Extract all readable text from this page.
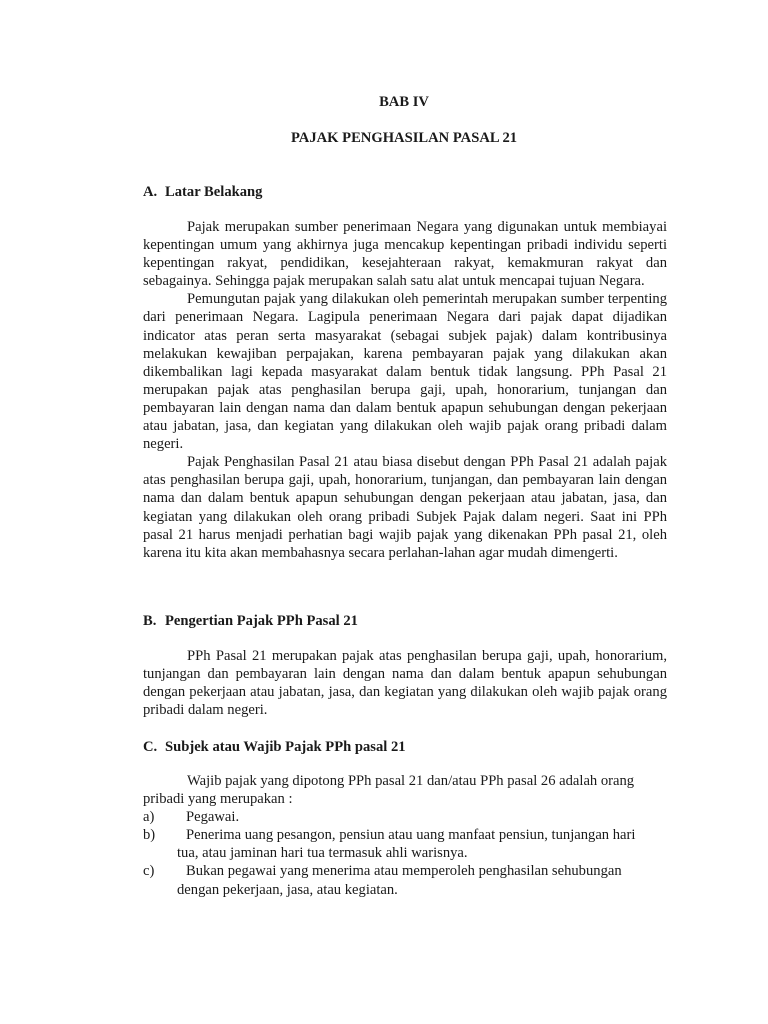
BAB IV
PAJAK PENGHASILAN PASAL 21
A. Latar Belakang

Pajak merupakan sumber penerimaan Negara yang digunakan untuk membiayai kepentingan umum yang akhirnya juga mencakup kepentingan pribadi individu seperti kepentingan rakyat, pendidikan, kesejahteraan rakyat, kemakmuran rakyat dan sebagainya. Sehingga pajak merupakan salah satu alat untuk mencapai tujuan Negara.

Pemungutan pajak yang dilakukan oleh pemerintah merupakan sumber terpenting dari penerimaan Negara. Lagipula penerimaan Negara dari pajak dapat dijadikan indicator atas peran serta masyarakat (sebagai subjek pajak) dalam kontribusinya melakukan kewajiban perpajakan, karena pembayaran pajak yang dilakukan akan dikembalikan lagi kepada masyarakat dalam bentuk tidak langsung. PPh Pasal 21 merupakan pajak atas penghasilan berupa gaji, upah, honorarium, tunjangan dan pembayaran lain dengan nama dan dalam bentuk apapun sehubungan dengan pekerjaan atau jabatan, jasa, dan kegiatan yang dilakukan oleh wajib pajak orang pribadi dalam negeri.

Pajak Penghasilan Pasal 21 atau biasa disebut dengan PPh Pasal 21 adalah pajak atas penghasilan berupa gaji, upah, honorarium, tunjangan, dan pembayaran lain dengan nama dan dalam bentuk apapun sehubungan dengan pekerjaan atau jabatan, jasa, dan kegiatan yang dilakukan oleh orang pribadi Subjek Pajak dalam negeri. Saat ini PPh pasal 21 harus menjadi perhatian bagi wajib pajak yang dikenakan PPh pasal 21, oleh karena itu kita akan membahasnya secara perlahan-lahan agar mudah dimengerti.

B. Pengertian Pajak PPh Pasal 21

PPh Pasal 21 merupakan pajak atas penghasilan berupa gaji, upah, honorarium, tunjangan dan pembayaran lain dengan nama dan dalam bentuk apapun sehubungan dengan pekerjaan atau jabatan, jasa, dan kegiatan yang dilakukan oleh wajib pajak orang pribadi dalam negeri.

C. Subjek atau Wajib Pajak PPh pasal 21

Wajib pajak yang dipotong PPh pasal 21 dan/atau PPh pasal 26 adalah orang pribadi yang merupakan :

a)	Pegawai.
b)	Penerima uang pesangon, pensiun atau uang manfaat pensiun, tunjangan hari
tua, atau jaminan hari tua termasuk ahli warisnya.
c)	Bukan pegawai yang menerima atau memperoleh penghasilan sehubungan
dengan pekerjaan, jasa, atau kegiatan.
